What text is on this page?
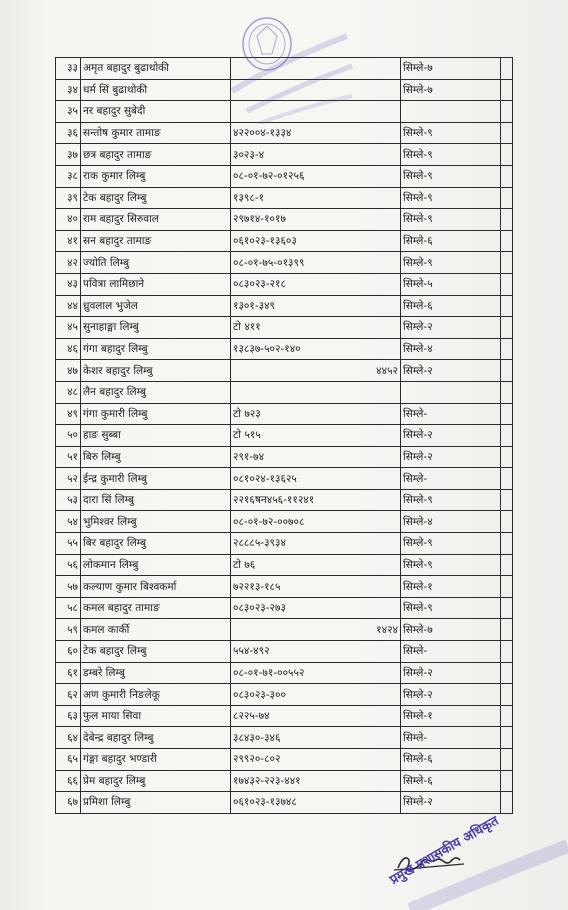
३३	अमृत बहादुर बुढाथोकी		सिम्ले-७	
३४	धर्म सिं बुढाथोकी		सिम्ले-७	
३५	नर बहादुर सुबेदी			
३६	सन्तोष कुमार तामाङ	४२२००४-१३३४	सिम्ले-९	
३७	छत्र बहादुर तामाङ	३०२३-४	सिम्ले-९	
३८	राक कुमार लिम्बु	०८-०१-७२-०१२५६	सिम्ले-९	
३९	टेक बहादुर लिम्बु	१३९८-१	सिम्ले-९	
४०	राम बहादुर सिरुवाल	२९७१४-१०१७	सिम्ले-९	
४१	सन बहादुर तामाङ	०६१०२३-१३६०३	सिम्ले-६	
४२	ज्योति लिम्बु	०८-०१-७५-०१३९९	सिम्ले-९	
४३	पवित्रा लामिछाने	०८३०२३-२१८	सिम्ले-५	
४४	ध्रुवलाल भुजेल	१३०१-३४९	सिम्ले-६	
४५	सुनाहाङ्मा लिम्बु	टो ४११	सिम्ले-२	
४६	गंगा बहादुर लिम्बु	१३८३७-५०२-१४०	सिम्ले-४	
४७	केशर बहादुर लिम्बु	४४५२	सिम्ले-२	
४८	लैन बहादुर लिम्बु			
४९	गंगा कुमारी लिम्बु	टो ७२३	सिम्ले-	
५०	हाङ सुब्बा	टो ५१५	सिम्ले-२	
५१	बिरु लिम्बु	२९१-७४	सिम्ले-२	
५२	ईन्द्र कुमारी लिम्बु	०८१०२४-१३६२५	सिम्ले-	
५३	दारा सिं लिम्बु	२२१६षन४५६-११२४१	सिम्ले-९	
५४	भुमिश्वर लिम्बु	०८-०१-७२-००७०८	सिम्ले-४	
५५	बिर बहादुर लिम्बु	२८८८५-३९३४	सिम्ले-९	
५६	लोकमान लिम्बु	टो ७६	सिम्ले-९	
५७	कल्याण कुमार बिश्वकर्मा	७२२१३-१८५	सिम्ले-१	
५८	कमल बहादुर तामाङ	०८३०२३-२७३	सिम्ले-९	
५९	कमल कार्की	१४२४	सिम्ले-७	
६०	टेक बहादुर लिम्बु	५५४-४९२	सिम्ले-	
६१	डम्बरे लिम्बु	०८-०१-७१-००५५२	सिम्ले-२	
६२	अण कुमारी निङलेकू	०८३०२३-३००	सिम्ले-२	
६३	फुल माया सिवा	८२२५-७४	सिम्ले-१	
६४	देबेन्द्र बहादुर लिम्बु	३८४३०-३४६	सिम्ले-	
६५	गंङ्गा बहादुर भण्डारी	२९९२०-८०२	सिम्ले-६	
६६	प्रेम बहादुर लिम्बु	१७४३२-२२३-४४१	सिम्ले-६	
६७	प्रमिशा लिम्बु	०६१०२३-१३७४८	सिम्ले-२	
प्रमुख प्रशासकीय अधिकृत
